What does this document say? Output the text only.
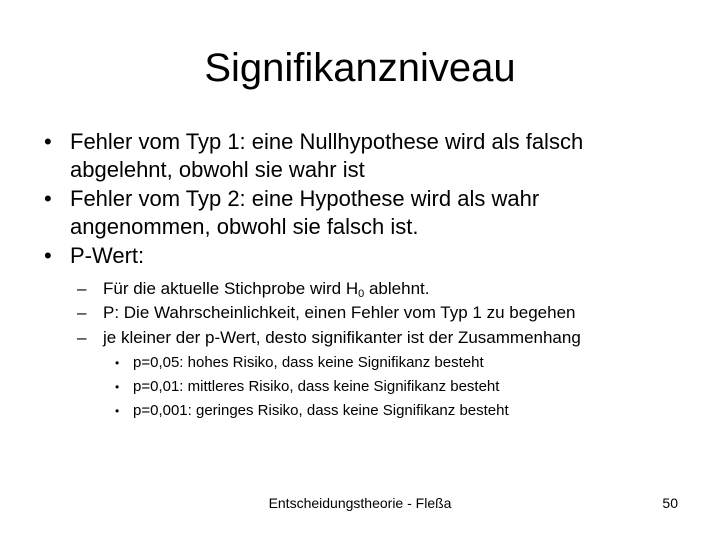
Signifikanzniveau
• Fehler vom Typ 1: eine Nullhypothese wird als falsch
abgelehnt, obwohl sie wahr ist
• Fehler vom Typ 2: eine Hypothese wird als wahr
angenommen, obwohl sie falsch ist.
• P-Wert:
– Für die aktuelle Stichprobe wird $H_0$ ablehnt.
– P: Die Wahrscheinlichkeit, einen Fehler vom Typ 1 zu begehen
– je kleiner der p-Wert, desto signifikanter ist der Zusammenhang
• p=0,05: hohes Risiko, dass keine Signifikanz besteht
• p=0,01: mittleres Risiko, dass keine Signifikanz besteht
• p=0,001: geringes Risiko, dass keine Signifikanz besteht
Entscheidungstheorie - Fleßa	50
